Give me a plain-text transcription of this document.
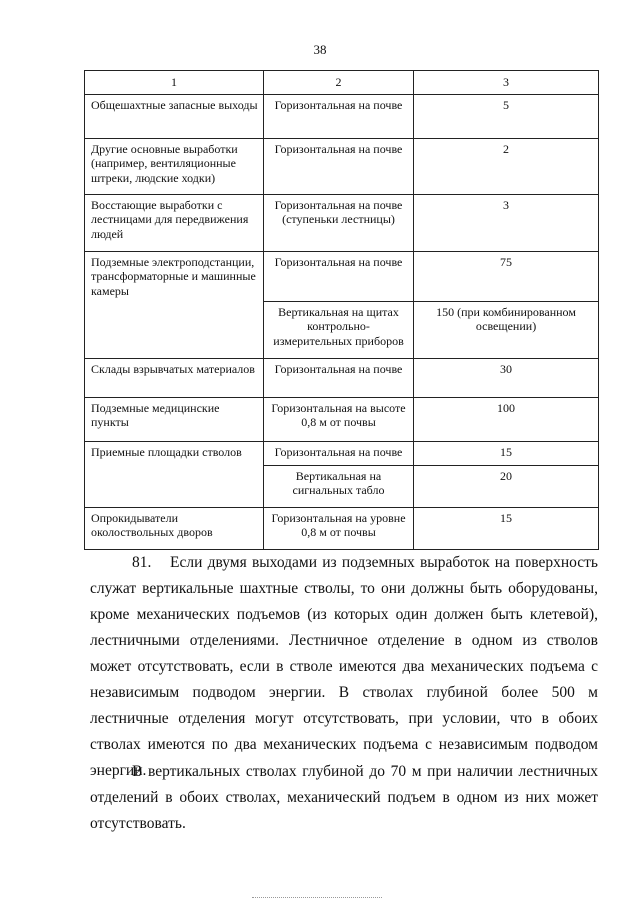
38
1	2	3
Общешахтные запасные выходы	Горизонтальная на почве	5
Другие основные выработки (например, вентиляционные штреки, людские ходки)	Горизонтальная на почве	2
Восстающие выработки с лестницами для передвижения людей	Горизонтальная на почве (ступеньки лестницы)	3
Подземные электроподстанции, трансформаторные и машинные камеры	Горизонтальная на почве	75
	Вертикальная на щитах контрольно-измерительных приборов	150 (при комбинированном освещении)
Склады взрывчатых материалов	Горизонтальная на почве	30
Подземные медицинские пункты	Горизонтальная на высоте 0,8 м от почвы	100
Приемные площадки стволов	Горизонтальная на почве	15
	Вертикальная на сигнальных табло	20
Опрокидыватели околоствольных дворов	Горизонтальная на уровне 0,8 м от почвы	15

81. Если двумя выходами из подземных выработок на поверхность служат вертикальные шахтные стволы, то они должны быть оборудованы, кроме механических подъемов (из которых один должен быть клетевой), лестничными отделениями. Лестничное отделение в одном из стволов может отсутствовать, если в стволе имеются два механических подъема с независимым подводом энергии. В стволах глубиной более 500 м лестничные отделения могут отсутствовать, при условии, что в обоих стволах имеются по два механических подъема с независимым подводом энергии.

В вертикальных стволах глубиной до 70 м при наличии лестничных отделений в обоих стволах, механический подъем в одном из них может отсутствовать.
